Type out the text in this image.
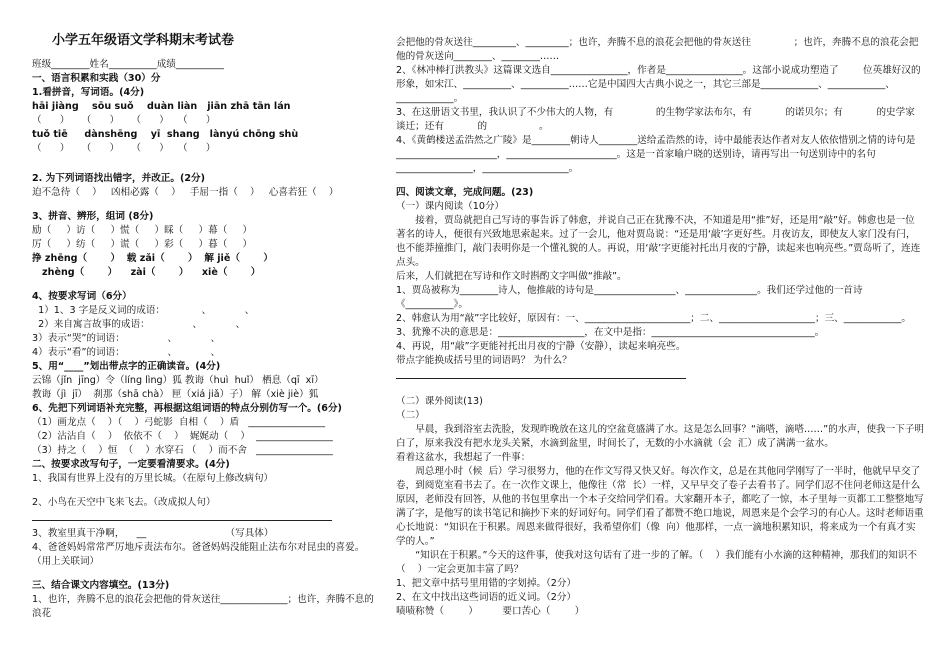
小学五年级语文学科期末考试卷

班级________姓名__________成绩__________

一、语言积累和实践（30）分

1.看拼音，写词语。(4分)

hāi jiàng    sōu suǒ    duàn liàn   jiān zhā tān lán

（      ）    （      ）    （      ）   （      ）

tuǒ tiē     dànshēng    yī  shang   lànyú chōng shù

（      ）    （      ）    （      ）   （      ）

2. 为下列词语找出错字，并改正。(2分)

迫不急待（    ）   凶相必露（    ）   手屈一指（    ）   心喜若狂（    ）

3、拼音、辨形，组词 (8分)

励（     ）访（     ）慌（     ）睬（     ）幕（     ）

厉（     ）纺（     ）谎（     ）彩（     ）暮（     ）

挣 zhēng（       ）  载 zǎi（       ）  解 jiě（       ）

zhèng（       ）    zài（       ）    xiè（       ）

4、按要求写词（6分）

1）1、3 字是反义词的成语：            、           、

2）来自寓言故事的成语：              、           、

3）表示“哭”的词语：              、           、

4）表示“看”的词语：              、           、

5、用“____”划出带点字的正确读音。(4分)

云锦（jǐn  jīng）令（líng lìng）狐 教诲（huì  huǐ） 栖息（qī  xī）

教诲（jì  jī）  刹那（shā chà） 匣（xiá jiǎ）子） 解（xiè jiè）狐

6、先把下列词语补充完整，再根据这组词语的特点分别仿写一个。(6分)

（1）画龙点（    ）（    ）弓蛇影  自相（    ）盾   ________________

（2）沾沾自（    ）  依依不（    ）  娓娓动（    ）  ________________

（3）持之（    ）恒  （    ）水穿石 （    ）而不舍   ________________

二、按要求改写句子，一定要看清要求。(4分)

1、我国有世界上没有的万里长城。（在原句上修改病句）

2、小鸟在天空中飞来飞去。（改成拟人句）

3、教室里真干净啊，    __                          （写具体）

4、爸爸妈妈常常严厉地斥责法布尔。爸爸妈妈没能阻止法布尔对昆虫的喜爱。（用上关联词）

三、结合课文内容填空。(13分)

1、也许，奔腾不息的浪花会把他的骨灰送往______________；也许，奔腾不息的浪花

会把他的骨灰送往_________、_________；也许，奔腾不息的浪花会把他的骨灰送往              ；也许，奔腾不息的浪花会把他的骨灰送向________、________……

2、《林冲棒打洪教头》这篇课文选自________________，作者是________________。这部小说成功塑造了        位英雄好汉的形象，如宋江、__________、__________……它是中国四大古典小说之一，其它三部是____________、____________、____________。

3、在这册语文书里，我认识了不少伟大的人物，有              的生物学家法布尔，有           的诺贝尔；有           的史学家谈迁；还有           的                 。

4、《黄鹤楼送孟浩然之广陵》是________朝诗人________送给孟浩然的诗，诗中最能表达作者对友人依依惜别之情的诗句是_____________________，_______________________。这是一首家喻户晓的送别诗，请再写出一句送别诗中的名句________________，__________________。

四、阅读文章，完成问题。(23)

（一）课内阅读（10分）

接着，贾岛就把自己写诗的事告诉了韩愈，并说自己正在犹豫不决，不知道是用“推”好，还是用“敲”好。韩愈也是一位著名的诗人，便很有兴致地思索起来。过了一会儿，他对贾岛说：“还是用‘敲’字更好些。月夜访友，即使友人家门没有闩，也不能莽撞推门，敲门表明你是一个懂礼貌的人。再说，用‘敲’字更能衬托出月夜的宁静，读起来也响亮些。”贾岛听了，连连点头。

后来，人们就把在写诗和作文时斟酌文字叫做“推敲”。

1、贾岛被称为________诗人，他推敲的诗句是_________________、_______________。我们还学过他的一首诗《__________》。

2、韩愈认为用“敲”字比较好，原因有：一、______________________；二、____________________；三、____________。

3、犹豫不决的意思是：__________________，在文中是指：__________________________________。

4、再说，用“敲”字更能衬托出月夜的宁静（安静），读起来响亮些。

带点字能换成括号里的词语吗？ 为什么？

（二）课外阅读(13)

（二）

早晨，我到浴室去洗脸，发现昨晚放在这儿的空盆竟盛满了水。这是怎么回事？“滴嗒，滴嗒……”的水声，使我一下子明白了，原来我没有把水龙头关紧，水滴到盆里，时间长了，无数的小水滴就（会  汇）成了满满一盆水。

看着这盆水，我想起了一件事：

周总理小时（候  后）学习很努力，他的在作文写得又快又好。每次作文，总是在其他同学刚写了一半时，他就早早交了卷，到阅览室看书去了。在一次作文课上，他像往（常  长）一样，又早早交了卷子去看书了。同学们忍不住问老师这是什么原因，老师没有回答，从他的书包里拿出一个本子交给同学们看。大家翻开本子，都吃了一惊，本子里每一页都工工整整地写满了字，是他写的读书笔记和摘抄下来的好词好句。同学们看了都赞不绝口地说，周恩来是个会学习的有心人。这时老师语重心长地说：“知识在于积累。周恩来做得很好，我希望你们（像  向）他那样，一点一滴地积累知识，将来成为一个有真才实学的人。”

“知识在于积累。”今天的这件事，使我对这句话有了进一步的了解。（    ）我们能有小水滴的这种精神，那我们的知识不（    ）一定会更加丰富了吗？

1、把文章中括号里用错的字划掉。（2分）

2、在文中找出这些词语的近义词。（2分）

啧啧称赞（        ）        要口苦心（        ）
